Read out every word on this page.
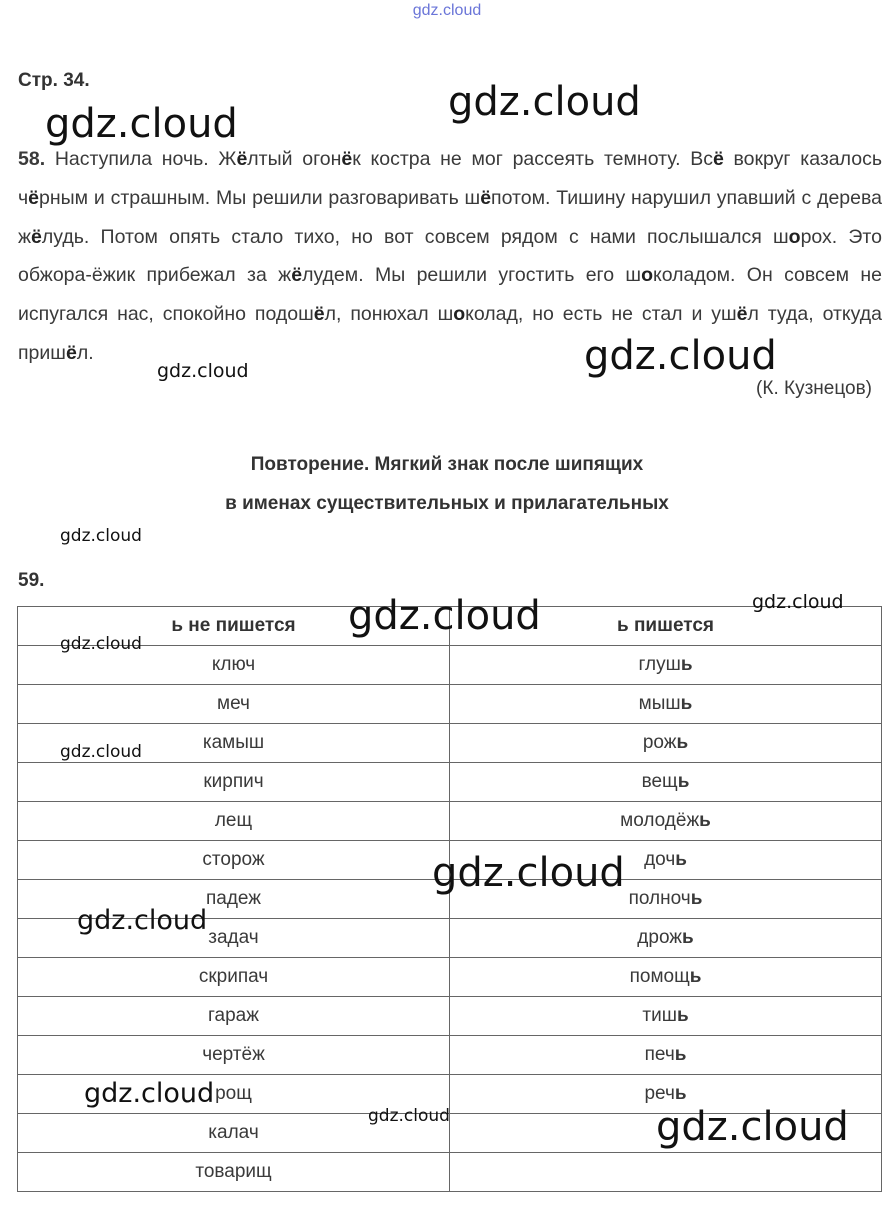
gdz.cloud
Стр. 34.
58. Наступила ночь. Жёлтый огонёк костра не мог рассеять темноту. Всё вокруг казалось чёрным и страшным. Мы решили разговаривать шёпотом. Тишину нарушил упавший с дерева жёлудь. Потом опять стало тихо, но вот совсем рядом с нами послышался шорох. Это обжора-ёжик прибежал за жёлудем. Мы решили угостить его шоколадом. Он совсем не испугался нас, спокойно подошёл, понюхал шоколад, но есть не стал и ушёл туда, откуда пришёл.
(К. Кузнецов)
Повторение. Мягкий знак после шипящих
в именах существительных и прилагательных
59.
ь не пишется	ь пишется
ключ	глушь
меч	мышь
камыш	рожь
кирпич	вещь
лещ	молодёжь
сторож	дочь
падеж	полночь
задач	дрожь
скрипач	помощь
гараж	тишь
чертёж	печь
рощ	речь
калач	
товарищ	
gdz.cloud
gdz.cloud
gdz.cloud
gdz.cloud
gdz.cloud
gdz.cloud	gdz.cloud
gdz.cloud
gdz.cloud
gdz.cloud
gdz.cloud
gdz.cloud
gdz.cloud	gdz.cloud
